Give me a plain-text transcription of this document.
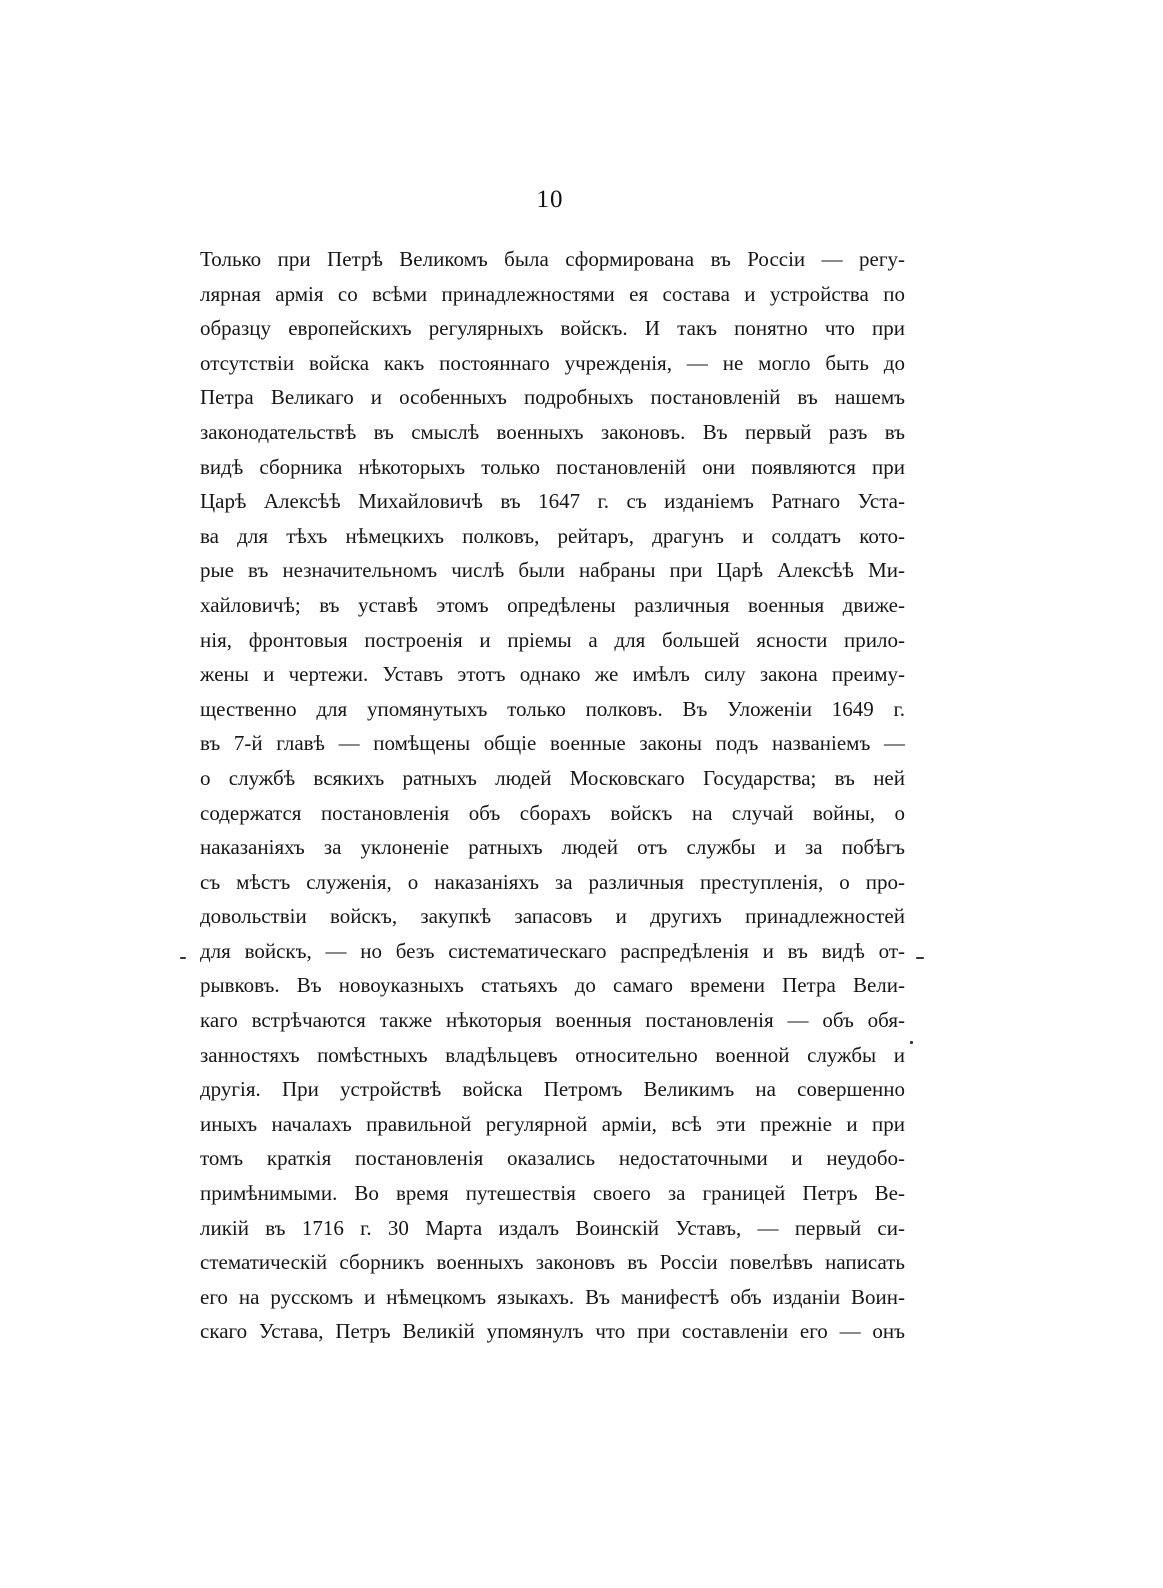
10
Только при Петрѣ Великомъ была сформирована въ Россіи — регу-
лярная армія со всѣми принадлежностями ея состава и устройства по
образцу европейскихъ регулярныхъ войскъ. И такъ понятно что при
отсутствіи войска какъ постояннаго учрежденія, — не могло быть до
Петра Великаго и особенныхъ подробныхъ постановленій въ нашемъ
законодательствѣ въ смыслѣ военныхъ законовъ. Въ первый разъ въ
видѣ сборника нѣкоторыхъ только постановленій они появляются при
Царѣ Алексѣѣ Михайловичѣ въ 1647 г. съ изданіемъ Ратнаго Уста-
ва для тѣхъ нѣмецкихъ полковъ, рейтаръ, драгунъ и солдатъ кото-
рые въ незначительномъ числѣ были набраны при Царѣ Алексѣѣ Ми-
хайловичѣ; въ уставѣ этомъ опредѣлены различныя военныя движе-
нія, фронтовыя построенія и пріемы а для большей ясности прило-
жены и чертежи. Уставъ этотъ однако же имѣлъ силу закона преиму-
щественно для упомянутыхъ только полковъ. Въ Уложеніи 1649 г.
въ 7-й главѣ — помѣщены общіе военные законы подъ названіемъ —
о службѣ всякихъ ратныхъ людей Московскаго Государства; въ ней
содержатся постановленія объ сборахъ войскъ на случай войны, о
наказаніяхъ за уклоненіе ратныхъ людей отъ службы и за побѣгъ
съ мѣстъ служенія, о наказаніяхъ за различныя преступленія, о про-
довольствіи войскъ, закупкѣ запасовъ и другихъ принадлежностей
для войскъ, — но безъ систематическаго распредѣленія и въ видѣ от-
рывковъ. Въ новоуказныхъ статьяхъ до самаго времени Петра Вели-
каго встрѣчаются также нѣкоторыя военныя постановленія — объ обя-
занностяхъ помѣстныхъ владѣльцевъ относительно военной службы и
другія. При устройствѣ войска Петромъ Великимъ на совершенно
иныхъ началахъ правильной регулярной арміи, всѣ эти прежніе и при
томъ краткія постановленія оказались недостаточными и неудобо-
примѣнимыми. Во время путешествія своего за границей Петръ Ве-
ликій въ 1716 г. 30 Марта издалъ Воинскій Уставъ, — первый си-
стематическій сборникъ военныхъ законовъ въ Россіи повелѣвъ написать
его на русскомъ и нѣмецкомъ языкахъ. Въ манифестѣ объ изданіи Воин-
скаго Устава, Петръ Великій упомянулъ что при составленіи его — онъ
